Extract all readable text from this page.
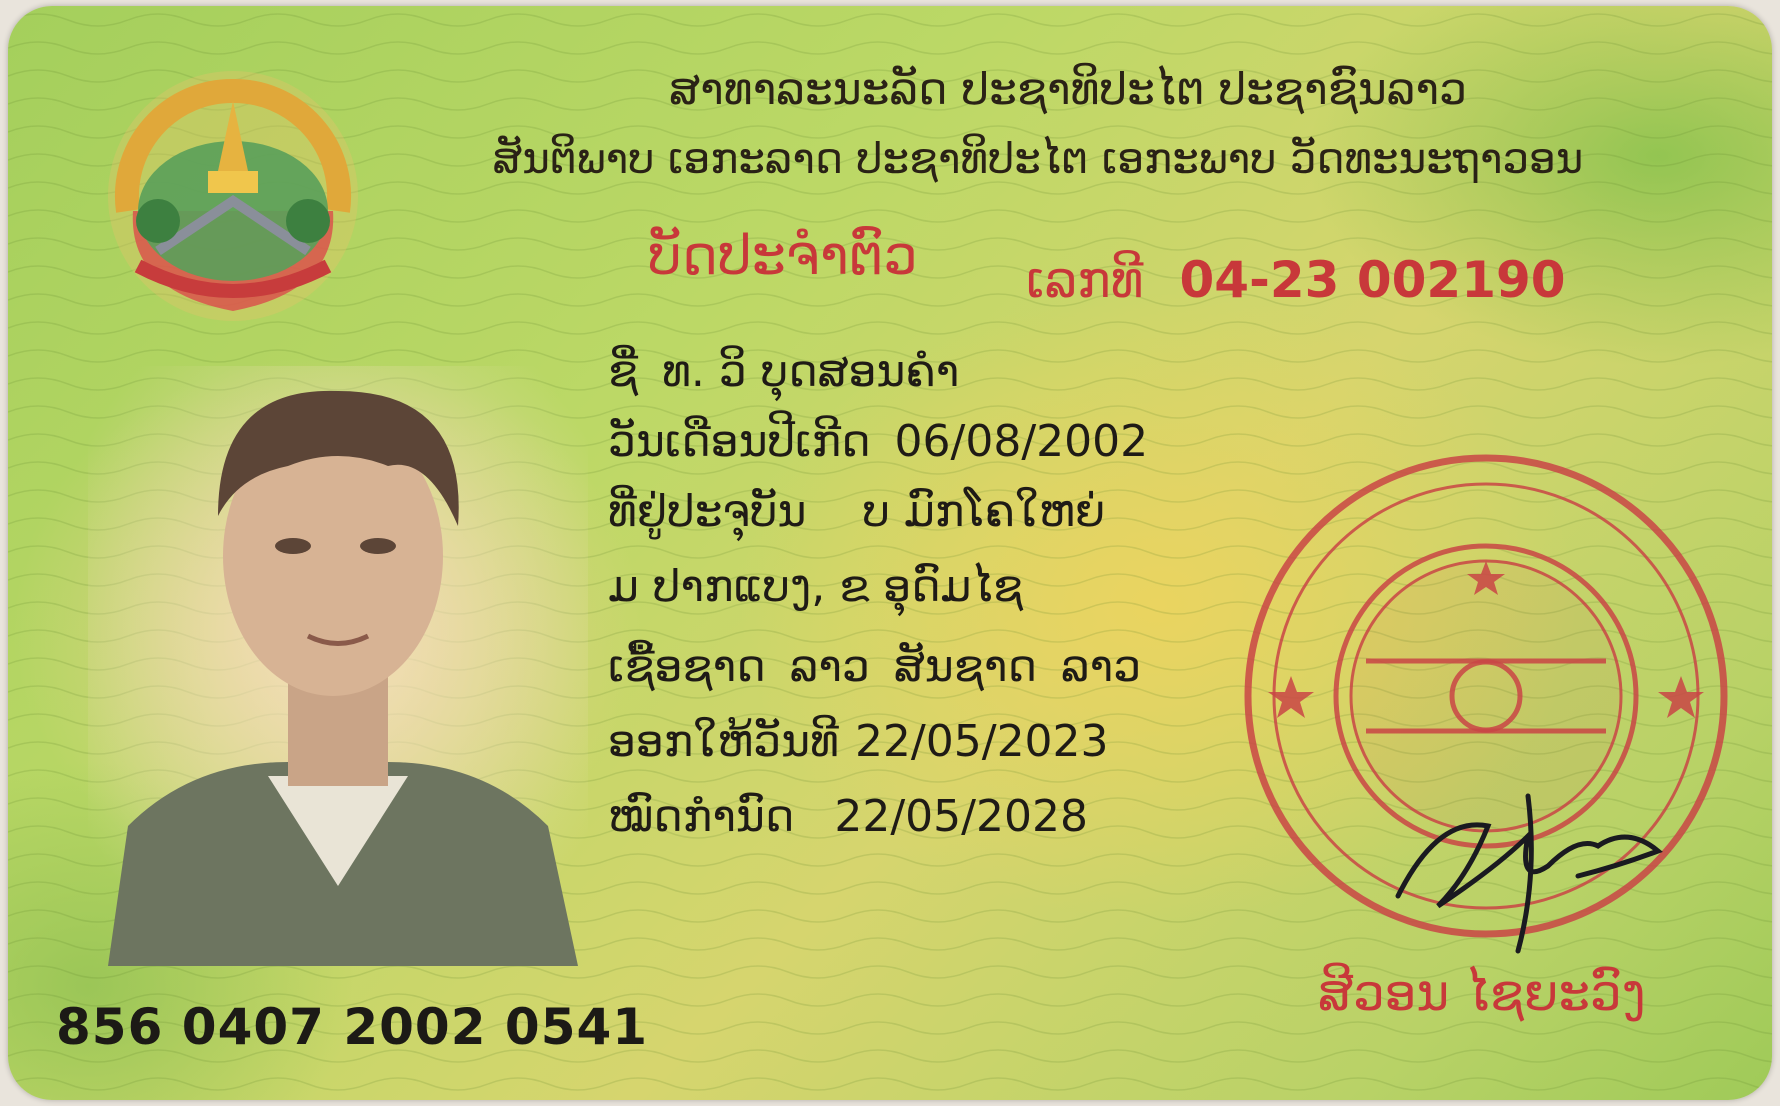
ສາທາລະນະລັດ ປະຊາທິປະໄຕ ປະຊາຊົນລາວ
ສັນຕິພາບ ເອກະລາດ ປະຊາທິປະໄຕ ເອກະພາບ ວັດທະນະຖາວອນ
ບັດປະຈຳຕົວ ເລກທີ 04-23 002190
ຊື່ ທ. ວິ ບຸດສອນຄຳ
ວັນເດືອນປີເກີດ 06/08/2002
ທີ່ຢູ່ປະຈຸບັນ ບ ມົກໂຄໃຫຍ່
ມ ປາກແບງ, ຂ ອຸດົມໄຊ
ເຊື້ອຊາດ ລາວ ສັນຊາດ ລາວ
ອອກໃຫ້ວັນທີ 22/05/2023
ໝົດກຳນົດ 22/05/2028
856 0407 2002 0541
ສີວອນ ໄຊຍະວົງ
